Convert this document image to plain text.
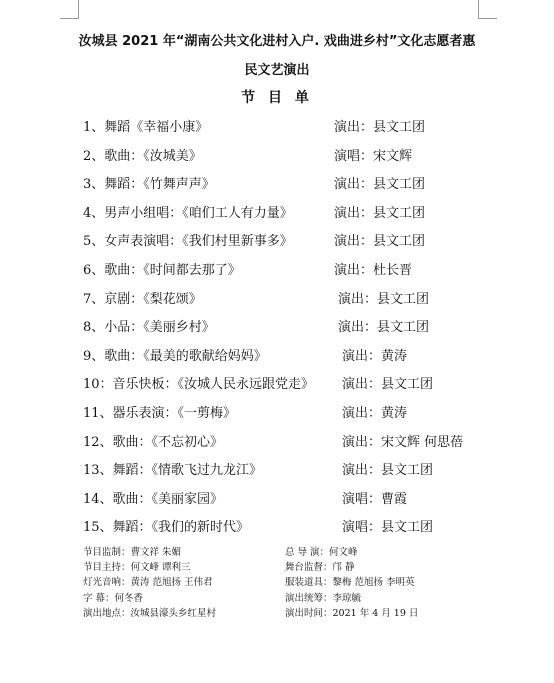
汝城县 2021 年“湖南公共文化进村入户. 戏曲进乡村”文化志愿者惠
民文艺演出
节 目 单
1、舞蹈《幸福小康》	演出：县文工团
2、歌曲：《汝城美》	演唱：宋文辉
3、舞蹈：《竹舞声声》	演出：县文工团
4、男声小组唱：《咱们工人有力量》	演出：县文工团
5、女声表演唱：《我们村里新事多》	演出：县文工团
6、歌曲：《时间都去那了》	演出：杜长晋
7、京剧：《梨花颂》	演出：县文工团
8、小品：《美丽乡村》	演出：县文工团
9、歌曲：《最美的歌献给妈妈》	演出：黄涛
10：音乐快板：《汝城人民永远跟党走》 演出：县文工团
11、器乐表演：《一剪梅》	演出：黄涛
12、歌曲：《不忘初心》	演出：宋文辉 何思蓓
13、舞蹈：《情歌飞过九龙江》	演出：县文工团
14、歌曲：《美丽家园》	演唱：曹霞
15、舞蹈：《我们的新时代》	演唱：县文工团
节目监制：曹文祥 朱媚	总 导 演：何文峰
节目主持：何文峰 谭利三	舞台监督：邝 静
灯光音响：黄涛 范旭扬 王伟君	服装道具：黎梅 范旭扬 李明英
字 幕：何冬香	演出统筹：李琼毓
演出地点：汝城县濠头乡红星村	演出时间：2021 年 4 月 19 日
